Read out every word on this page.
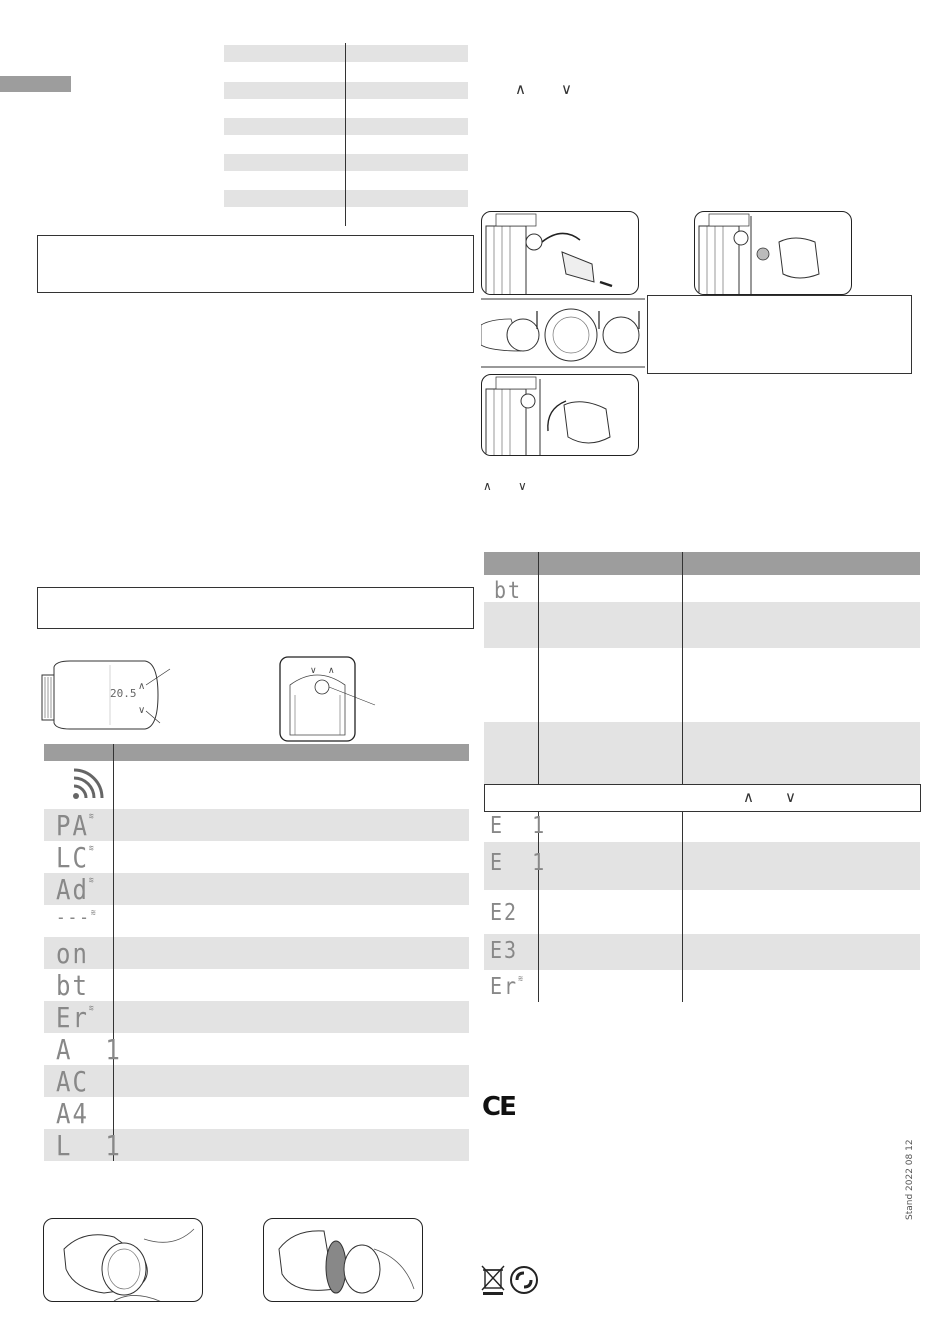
20.5
∧
∨
∨ ∧
PA≋
LC≋
Ad≋
---≋
on
bt
Er≋
A  1
AC
A4
L  1
∧ ∨
∧ ∨
∧ ∨
bt
E  1
E  1
E2
E3
Er≋
CE
Stand 2022 08 12
